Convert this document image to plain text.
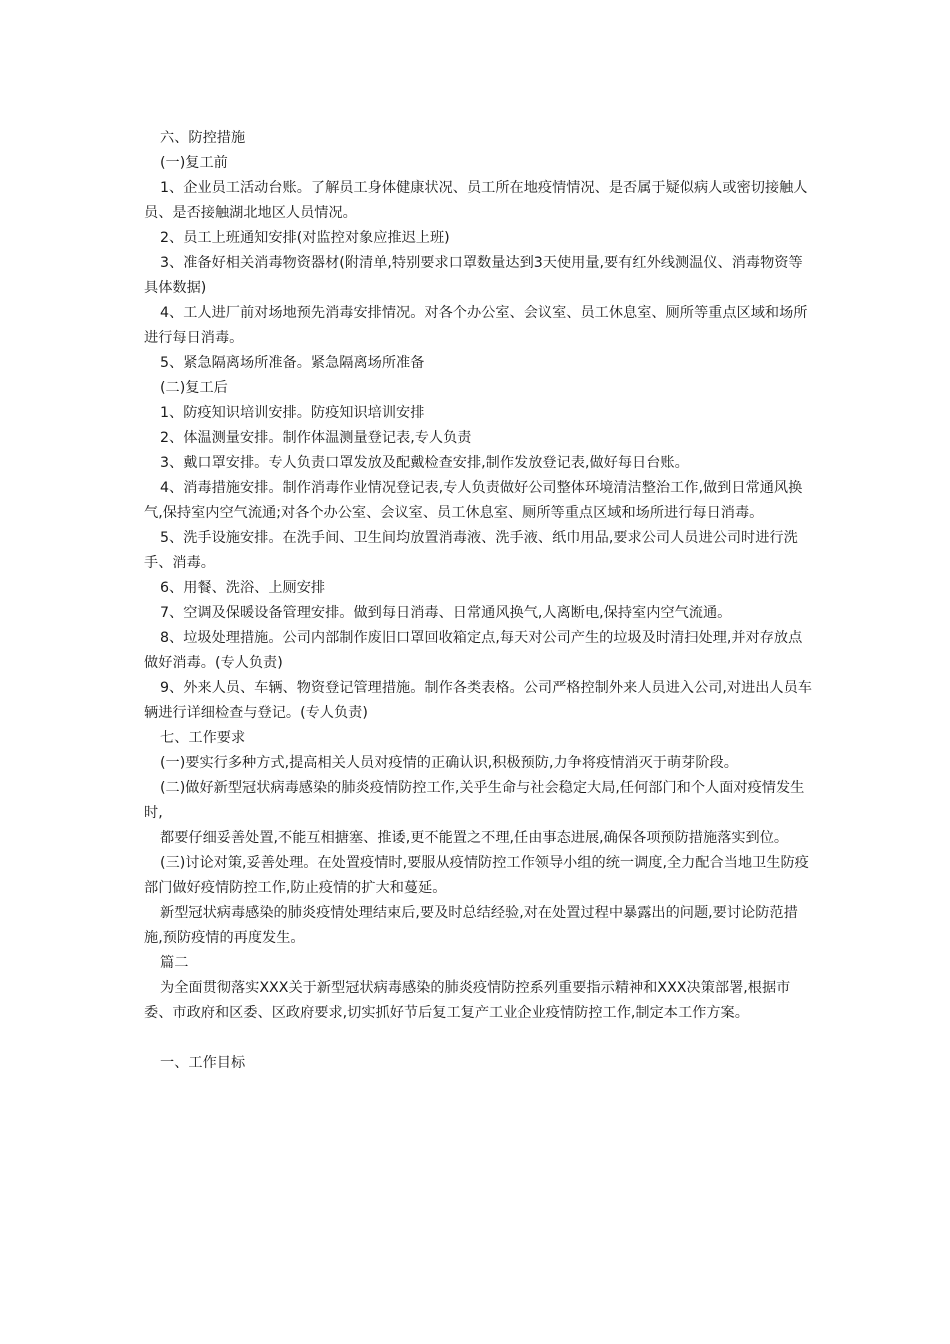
六、防控措施

(一)复工前

1、企业员工活动台账。了解员工身体健康状况、员工所在地疫情情况、是否属于疑似病人或密切接触人员、是否接触湖北地区人员情况。

2、员工上班通知安排(对监控对象应推迟上班)

3、准备好相关消毒物资器材(附清单,特别要求口罩数量达到3天使用量,要有红外线测温仪、消毒物资等具体数据)

4、工人进厂前对场地预先消毒安排情况。对各个办公室、会议室、员工休息室、厕所等重点区域和场所进行每日消毒。

5、紧急隔离场所准备。紧急隔离场所准备

(二)复工后

1、防疫知识培训安排。防疫知识培训安排

2、体温测量安排。制作体温测量登记表,专人负责

3、戴口罩安排。专人负责口罩发放及配戴检查安排,制作发放登记表,做好每日台账。

4、消毒措施安排。制作消毒作业情况登记表,专人负责做好公司整体环境清洁整治工作,做到日常通风换气,保持室内空气流通;对各个办公室、会议室、员工休息室、厕所等重点区域和场所进行每日消毒。

5、洗手设施安排。在洗手间、卫生间均放置消毒液、洗手液、纸巾用品,要求公司人员进公司时进行洗手、消毒。

6、用餐、洗浴、上厕安排

7、空调及保暖设备管理安排。做到每日消毒、日常通风换气,人离断电,保持室内空气流通。

8、垃圾处理措施。公司内部制作废旧口罩回收箱定点,每天对公司产生的垃圾及时清扫处理,并对存放点做好消毒。(专人负责)

9、外来人员、车辆、物资登记管理措施。制作各类表格。公司严格控制外来人员进入公司,对进出人员车辆进行详细检查与登记。(专人负责)

七、工作要求

(一)要实行多种方式,提高相关人员对疫情的正确认识,积极预防,力争将疫情消灭于萌芽阶段。

(二)做好新型冠状病毒感染的肺炎疫情防控工作,关乎生命与社会稳定大局,任何部门和个人面对疫情发生时,

都要仔细妥善处置,不能互相搪塞、推诿,更不能置之不理,任由事态进展,确保各项预防措施落实到位。

(三)讨论对策,妥善处理。在处置疫情时,要服从疫情防控工作领导小组的统一调度,全力配合当地卫生防疫部门做好疫情防控工作,防止疫情的扩大和蔓延。

新型冠状病毒感染的肺炎疫情处理结束后,要及时总结经验,对在处置过程中暴露出的问题,要讨论防范措施,预防疫情的再度发生。

篇二

为全面贯彻落实XXX关于新型冠状病毒感染的肺炎疫情防控系列重要指示精神和XXX决策部署,根据市委、市政府和区委、区政府要求,切实抓好节后复工复产工业企业疫情防控工作,制定本工作方案。

一、工作目标
